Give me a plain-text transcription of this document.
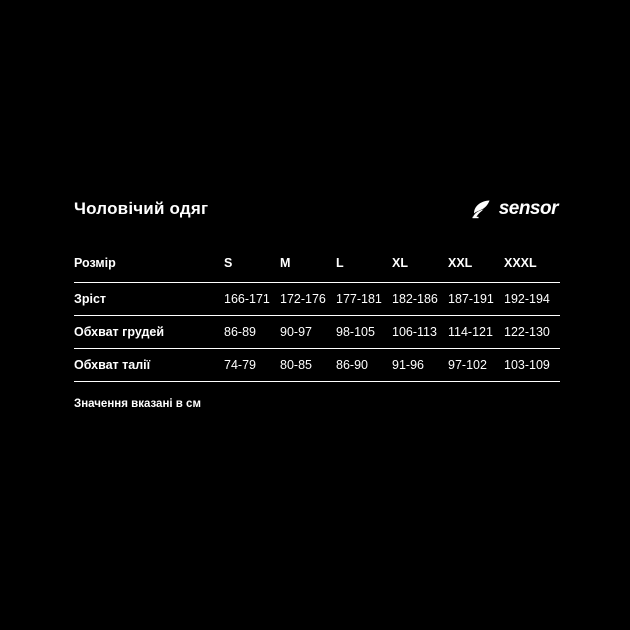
Чоловічий одяг	sensor
Розмір	S	M	L	XL	XXL	XXXL
Зріст	166-171	172-176	177-181	182-186	187-191	192-194
Обхват грудей	86-89	90-97	98-105	106-113	114-121	122-130
Обхват талії	74-79	80-85	86-90	91-96	97-102	103-109
Значення вказані в см
